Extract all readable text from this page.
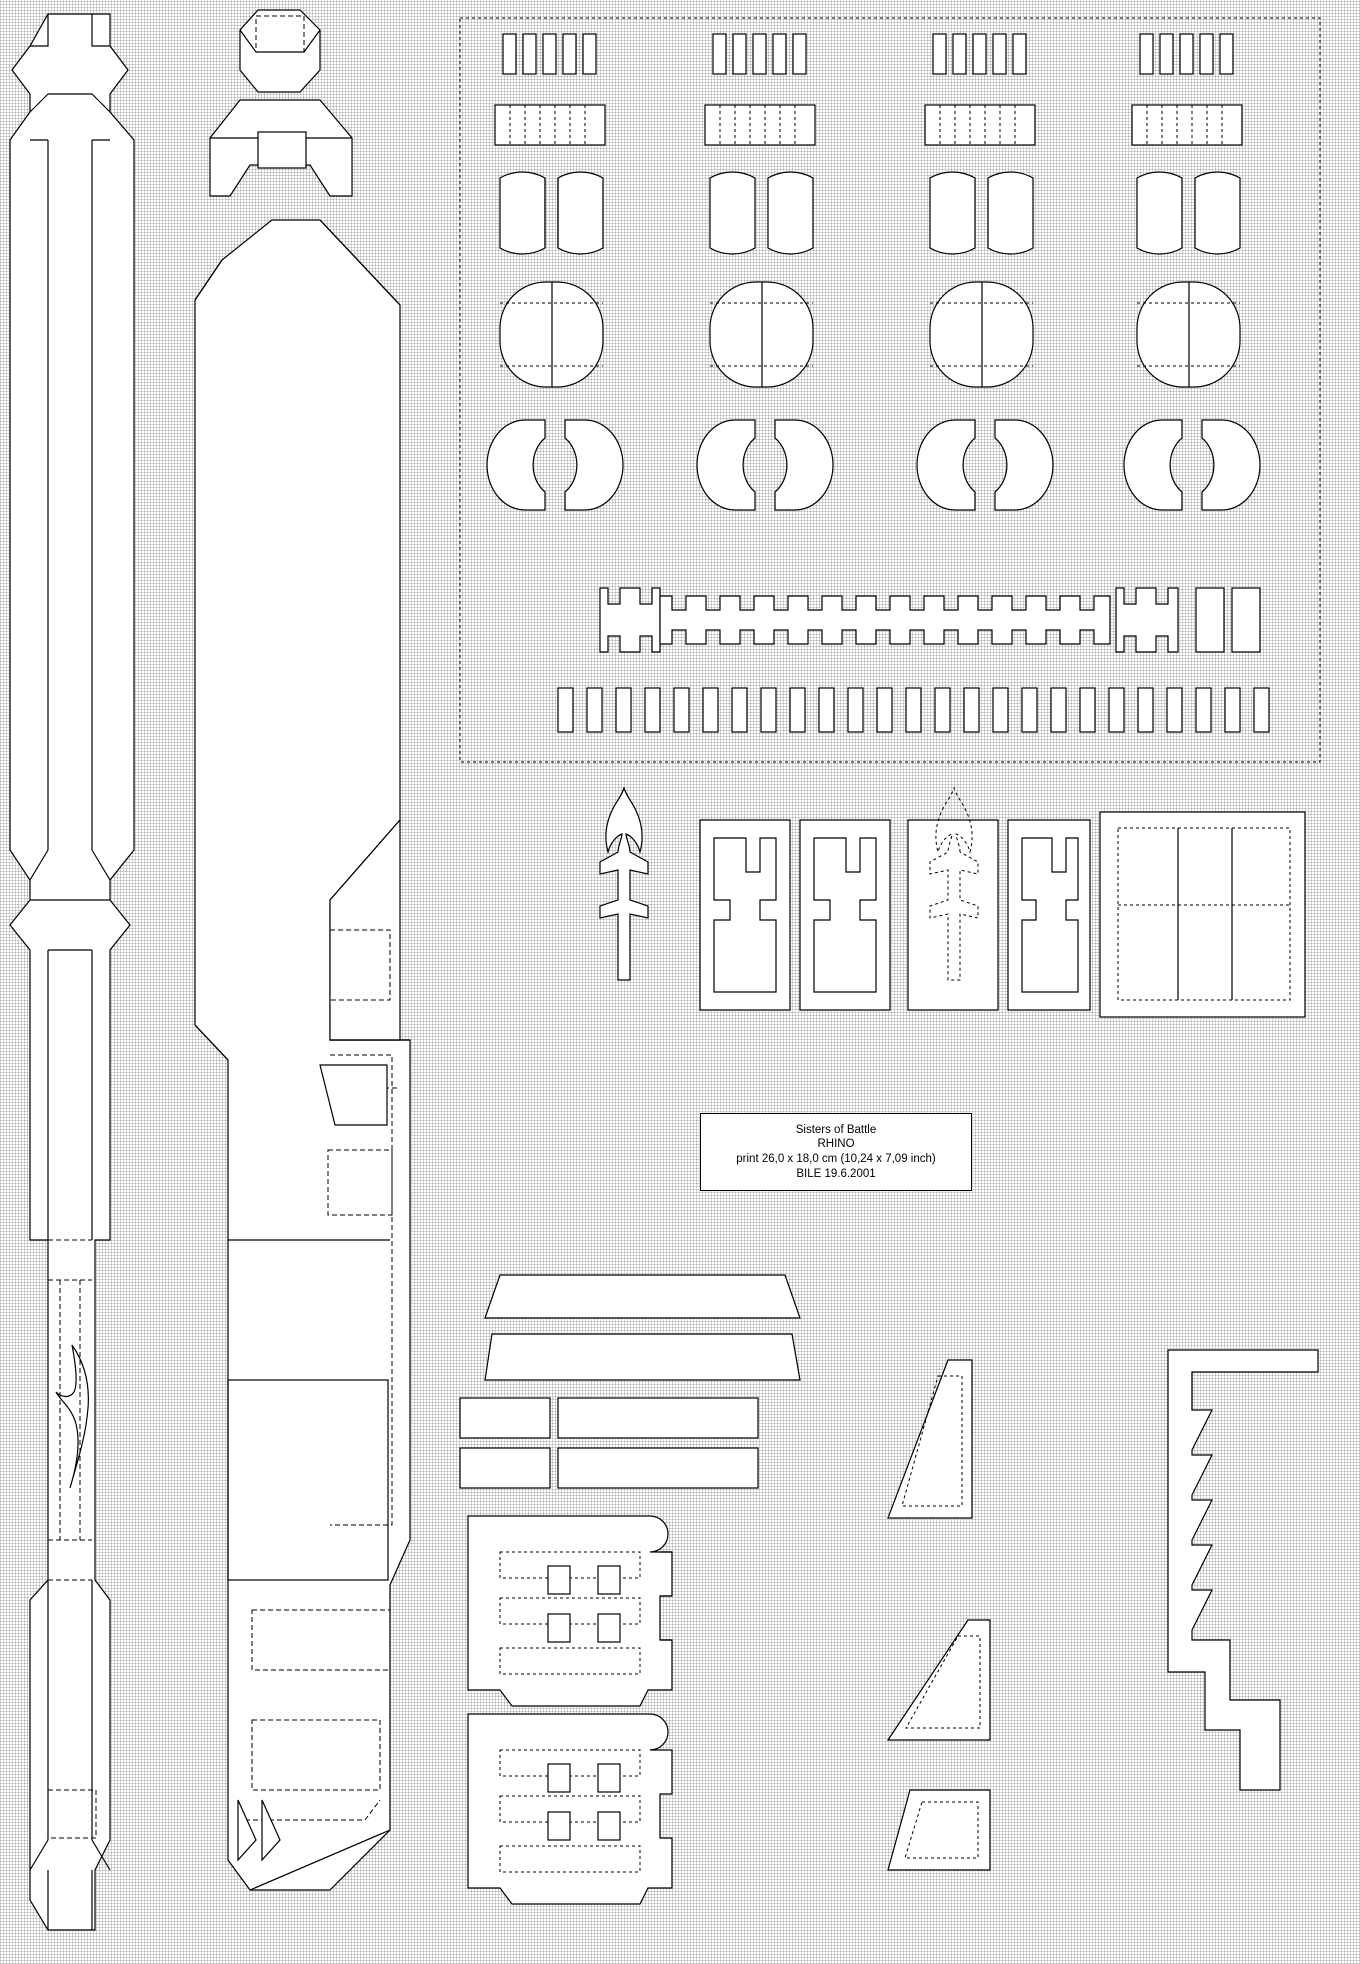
Sisters of Battle
RHINO
print 26,0 x 18,0 cm (10,24 x 7,09 inch)
BILE 19.6.2001
